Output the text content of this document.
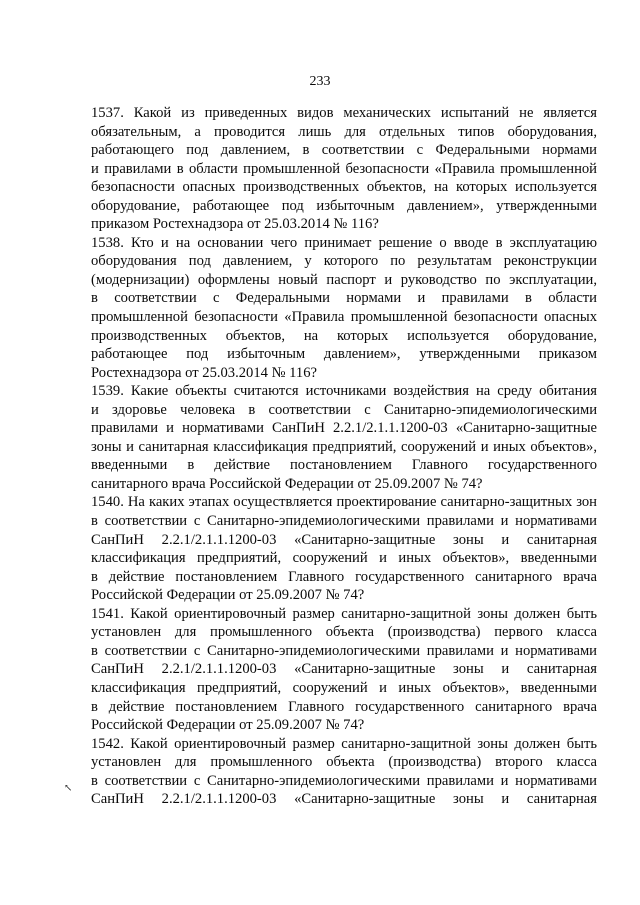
233
1537. Какой из приведенных видов механических испытаний не является
обязательным, а проводится лишь для отдельных типов оборудования,
работающего под давлением, в соответствии с Федеральными нормами
и правилами в области промышленной безопасности «Правила промышленной
безопасности опасных производственных объектов, на которых используется
оборудование, работающее под избыточным давлением», утвержденными
приказом Ростехнадзора от 25.03.2014 № 116?
1538. Кто и на основании чего принимает решение о вводе в эксплуатацию
оборудования под давлением, у которого по результатам реконструкции
(модернизации) оформлены новый паспорт и руководство по эксплуатации,
в соответствии с Федеральными нормами и правилами в области
промышленной безопасности «Правила промышленной безопасности опасных
производственных объектов, на которых используется оборудование,
работающее под избыточным давлением», утвержденными приказом
Ростехнадзора от 25.03.2014 № 116?
1539. Какие объекты считаются источниками воздействия на среду обитания
и здоровье человека в соответствии с Санитарно-эпидемиологическими
правилами и нормативами СанПиН 2.2.1/2.1.1.1200-03 «Санитарно-защитные
зоны и санитарная классификация предприятий, сооружений и иных объектов»,
введенными в действие постановлением Главного государственного
санитарного врача Российской Федерации от 25.09.2007 № 74?
1540. На каких этапах осуществляется проектирование санитарно-защитных зон
в соответствии с Санитарно-эпидемиологическими правилами и нормативами
СанПиН 2.2.1/2.1.1.1200-03 «Санитарно-защитные зоны и санитарная
классификация предприятий, сооружений и иных объектов», введенными
в действие постановлением Главного государственного санитарного врача
Российской Федерации от 25.09.2007 № 74?
1541. Какой ориентировочный размер санитарно-защитной зоны должен быть
установлен для промышленного объекта (производства) первого класса
в соответствии с Санитарно-эпидемиологическими правилами и нормативами
СанПиН 2.2.1/2.1.1.1200-03 «Санитарно-защитные зоны и санитарная
классификация предприятий, сооружений и иных объектов», введенными
в действие постановлением Главного государственного санитарного врача
Российской Федерации от 25.09.2007 № 74?
1542. Какой ориентировочный размер санитарно-защитной зоны должен быть
установлен для промышленного объекта (производства) второго класса
в соответствии с Санитарно-эпидемиологическими правилами и нормативами
СанПиН 2.2.1/2.1.1.1200-03 «Санитарно-защитные зоны и санитарная
↖
